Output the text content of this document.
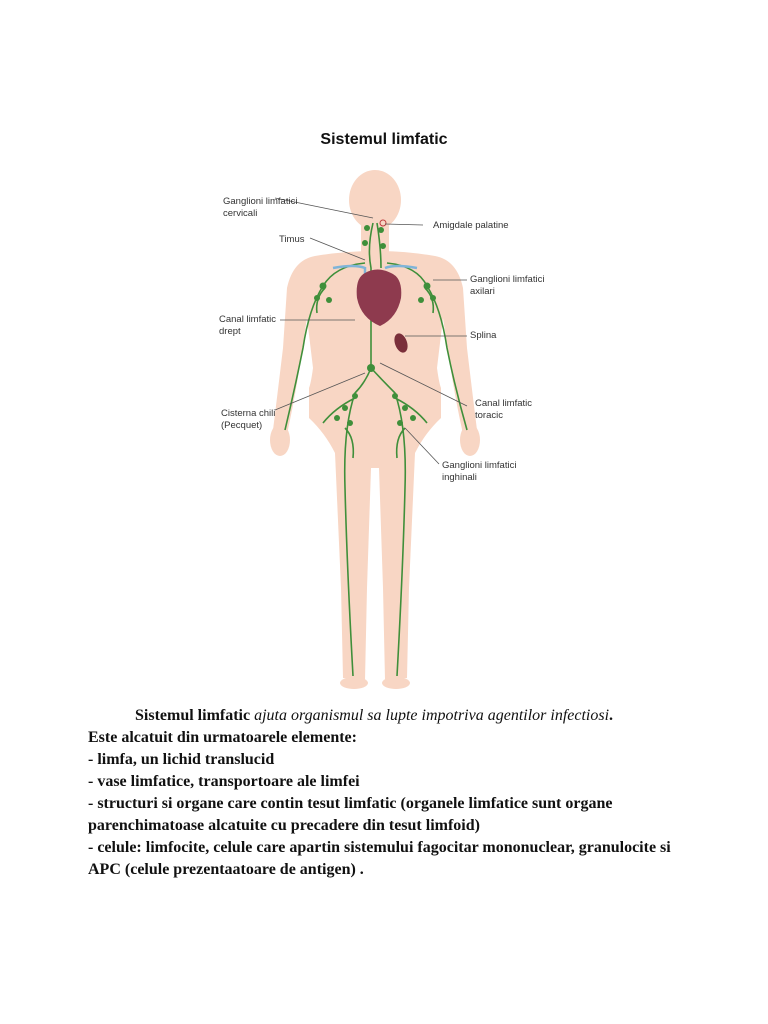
Sistemul limfatic
Ganglioni limfatici
cervicali
Timus
Amigdale palatine
Ganglioni limfatici
axilari
Canal limfatic
drept	Splina
Canal limfatic
toracic
Cisterna chili
(Pecquet)
Ganglioni limfatici
inghinali

Sistemul limfatic ajuta organismul sa lupte impotriva agentilor infectiosi.

Este alcatuit din urmatoarele elemente:

- limfa, un lichid translucid

- vase limfatice, transportoare ale limfei

- structuri si organe care contin tesut limfatic (organele limfatice sunt organe parenchimatoase alcatuite cu precadere din tesut limfoid)

- celule: limfocite, celule care apartin sistemului fagocitar mononuclear, granulocite si APC (celule prezentaatoare de antigen) .
